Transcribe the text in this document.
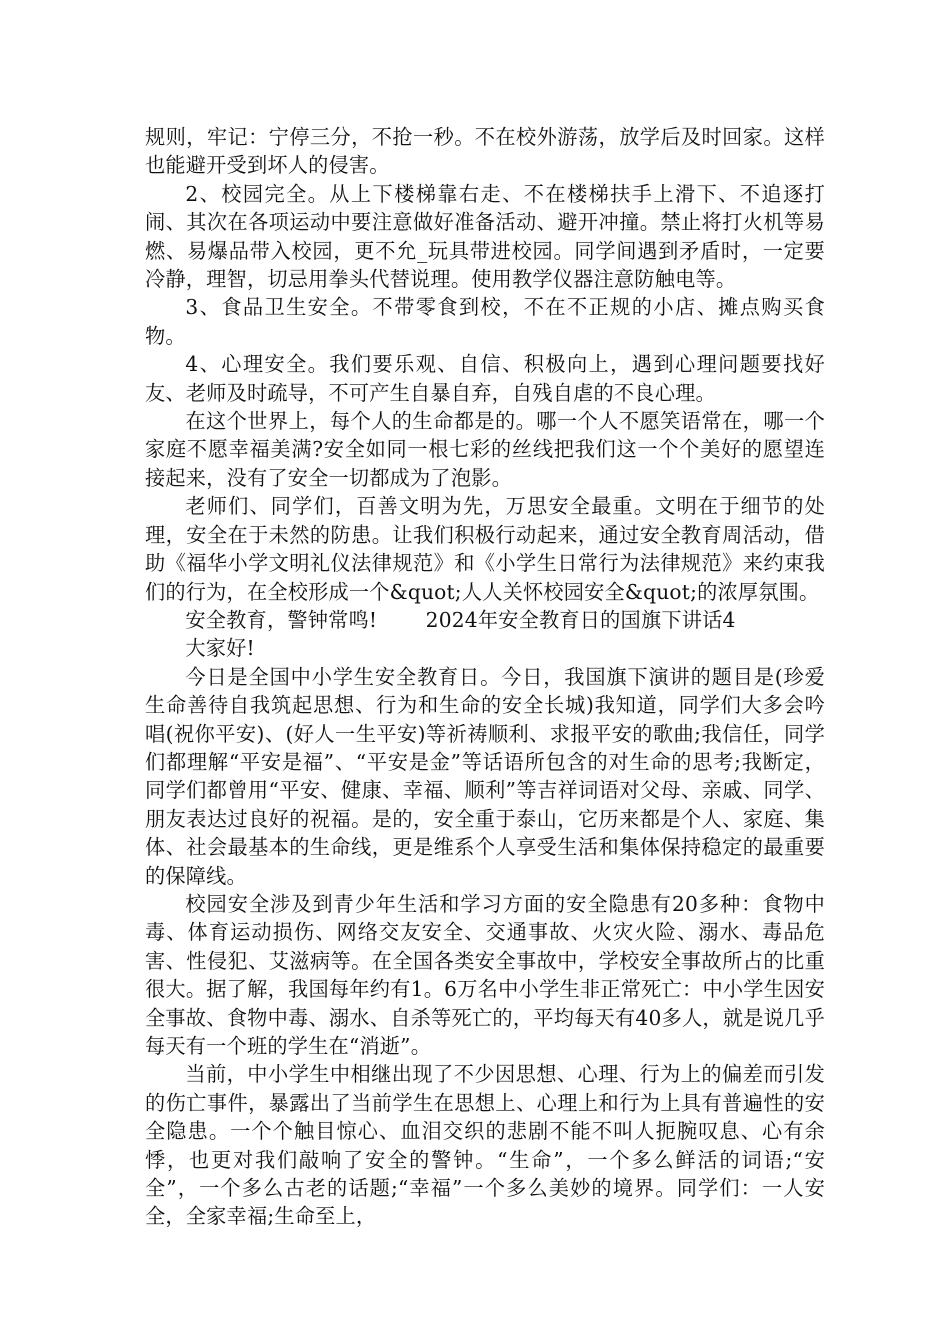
规则，牢记：宁停三分，不抢一秒。不在校外游荡，放学后及时回家。这样也能避开受到坏人的侵害。

2、校园完全。从上下楼梯靠右走、不在楼梯扶手上滑下、不追逐打闹、其次在各项运动中要注意做好准备活动、避开冲撞。禁止将打火机等易燃、易爆品带入校园，更不允_玩具带进校园。同学间遇到矛盾时，一定要冷静，理智，切忌用拳头代替说理。使用教学仪器注意防触电等。

3、食品卫生安全。不带零食到校，不在不正规的小店、摊点购买食物。

4、心理安全。我们要乐观、自信、积极向上，遇到心理问题要找好友、老师及时疏导，不可产生自暴自弃，自残自虐的不良心理。

在这个世界上，每个人的生命都是的。哪一个人不愿笑语常在，哪一个家庭不愿幸福美满?安全如同一根七彩的丝线把我们这一个个美好的愿望连接起来，没有了安全一切都成为了泡影。

老师们、同学们，百善文明为先，万思安全最重。文明在于细节的处理，安全在于未然的防患。让我们积极行动起来，通过安全教育周活动，借助《福华小学文明礼仪法律规范》和《小学生日常行为法律规范》来约束我们的行为，在全校形成一个&quot;人人关怀校园安全&quot;的浓厚氛围。

安全教育，警钟常鸣! 2024年安全教育日的国旗下讲话4

大家好!

今日是全国中小学生安全教育日。今日，我国旗下演讲的题目是(珍爱生命善待自我筑起思想、行为和生命的安全长城)我知道，同学们大多会吟唱(祝你平安)、(好人一生平安)等祈祷顺利、求报平安的歌曲;我信任，同学们都理解“平安是福”、“平安是金”等话语所包含的对生命的思考;我断定，同学们都曾用“平安、健康、幸福、顺利”等吉祥词语对父母、亲戚、同学、朋友表达过良好的祝福。是的，安全重于泰山，它历来都是个人、家庭、集体、社会最基本的生命线，更是维系个人享受生活和集体保持稳定的最重要的保障线。

校园安全涉及到青少年生活和学习方面的安全隐患有20多种：食物中毒、体育运动损伤、网络交友安全、交通事故、火灾火险、溺水、毒品危害、性侵犯、艾滋病等。在全国各类安全事故中，学校安全事故所占的比重很大。据了解，我国每年约有1。6万名中小学生非正常死亡：中小学生因安全事故、食物中毒、溺水、自杀等死亡的，平均每天有40多人，就是说几乎每天有一个班的学生在“消逝”。

当前，中小学生中相继出现了不少因思想、心理、行为上的偏差而引发的伤亡事件，暴露出了当前学生在思想上、心理上和行为上具有普遍性的安全隐患。一个个触目惊心、血泪交织的悲剧不能不叫人扼腕叹息、心有余悸，也更对我们敲响了安全的警钟。“生命”，一个多么鲜活的词语;“安全”，一个多么古老的话题;“幸福”一个多么美妙的境界。同学们：一人安全，全家幸福;生命至上，
